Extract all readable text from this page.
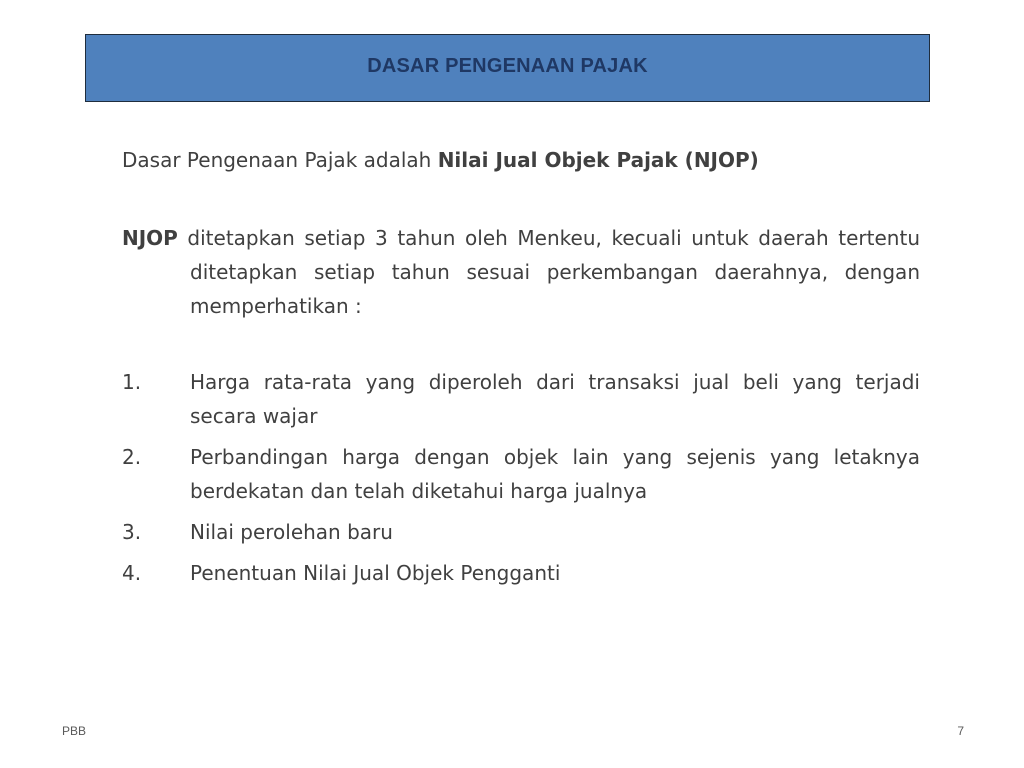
DASAR PENGENAAN PAJAK

Dasar Pengenaan Pajak adalah Nilai Jual Objek Pajak (NJOP)

NJOP ditetapkan setiap 3 tahun oleh Menkeu, kecuali untuk daerah tertentu ditetapkan setiap tahun sesuai perkembangan daerahnya, dengan memperhatikan :

1.	Harga rata-rata yang diperoleh dari transaksi jual beli yang terjadi secara wajar
2.	Perbandingan harga dengan objek lain yang sejenis yang letaknya berdekatan dan telah diketahui harga jualnya
3.	Nilai perolehan baru
4.	Penentuan Nilai Jual Objek Pengganti
PBB	7
